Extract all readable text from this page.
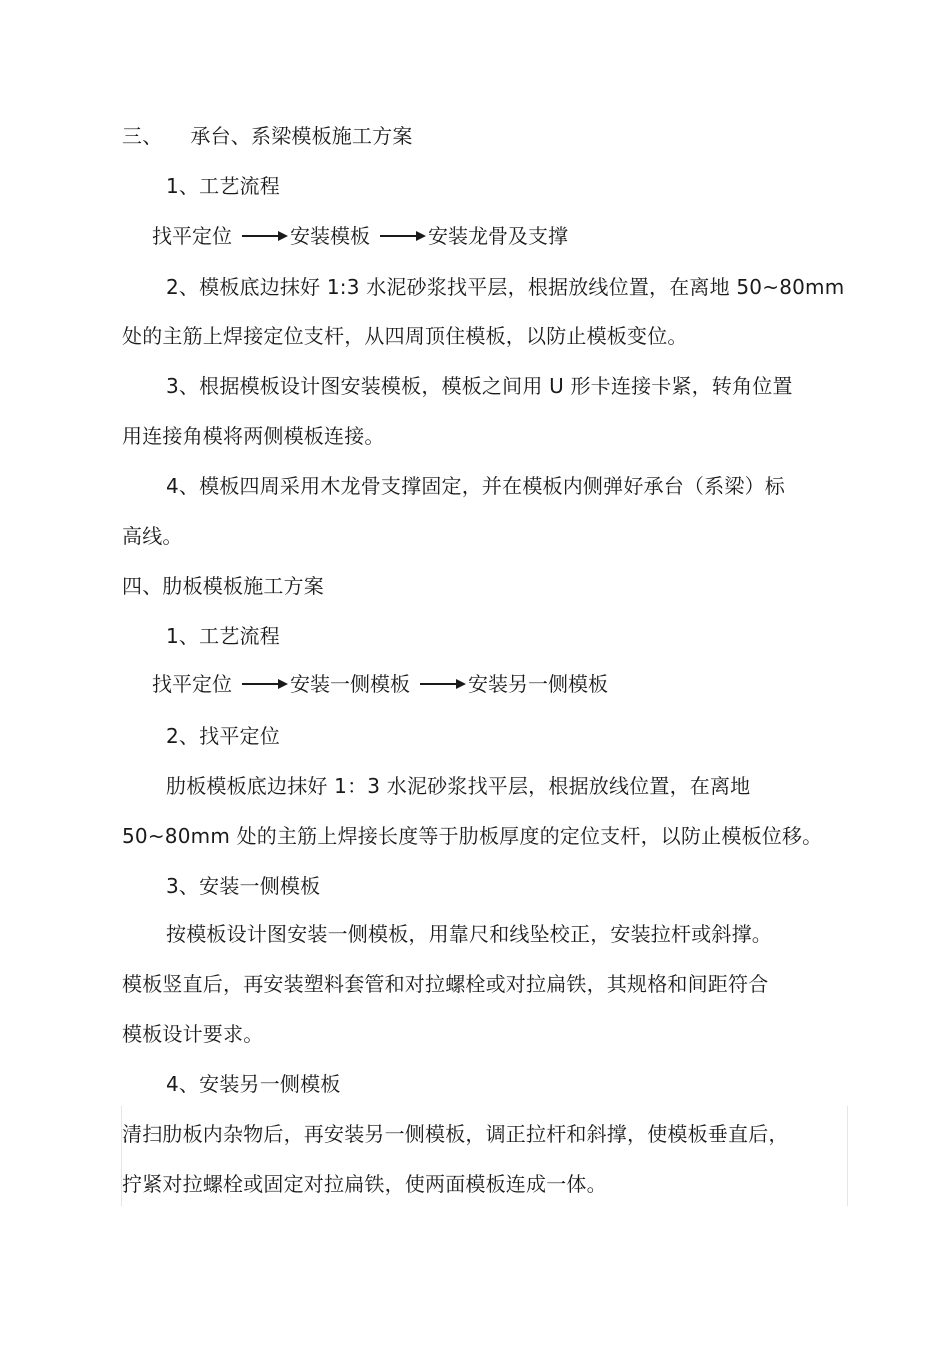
三、 承台、系梁模板施工方案
1、工艺流程
找平定位	安装模板	安装龙骨及支撑
2、模板底边抹好 1:3 水泥砂浆找平层，根据放线位置，在离地 50~80mm
处的主筋上焊接定位支杆，从四周顶住模板，以防止模板变位。
3、根据模板设计图安装模板，模板之间用 U 形卡连接卡紧，转角位置
用连接角模将两侧模板连接。
4、模板四周采用木龙骨支撑固定，并在模板内侧弹好承台（系梁）标
高线。
四、肋板模板施工方案
1、工艺流程
找平定位	安装一侧模板	安装另一侧模板
2、找平定位
肋板模板底边抹好 1：3 水泥砂浆找平层，根据放线位置，在离地
50~80mm 处的主筋上焊接长度等于肋板厚度的定位支杆，以防止模板位移。
3、安装一侧模板
按模板设计图安装一侧模板，用靠尺和线坠校正，安装拉杆或斜撑。
模板竖直后，再安装塑料套管和对拉螺栓或对拉扁铁，其规格和间距符合
模板设计要求。
4、安装另一侧模板
清扫肋板内杂物后，再安装另一侧模板，调正拉杆和斜撑，使模板垂直后，
拧紧对拉螺栓或固定对拉扁铁，使两面模板连成一体。
